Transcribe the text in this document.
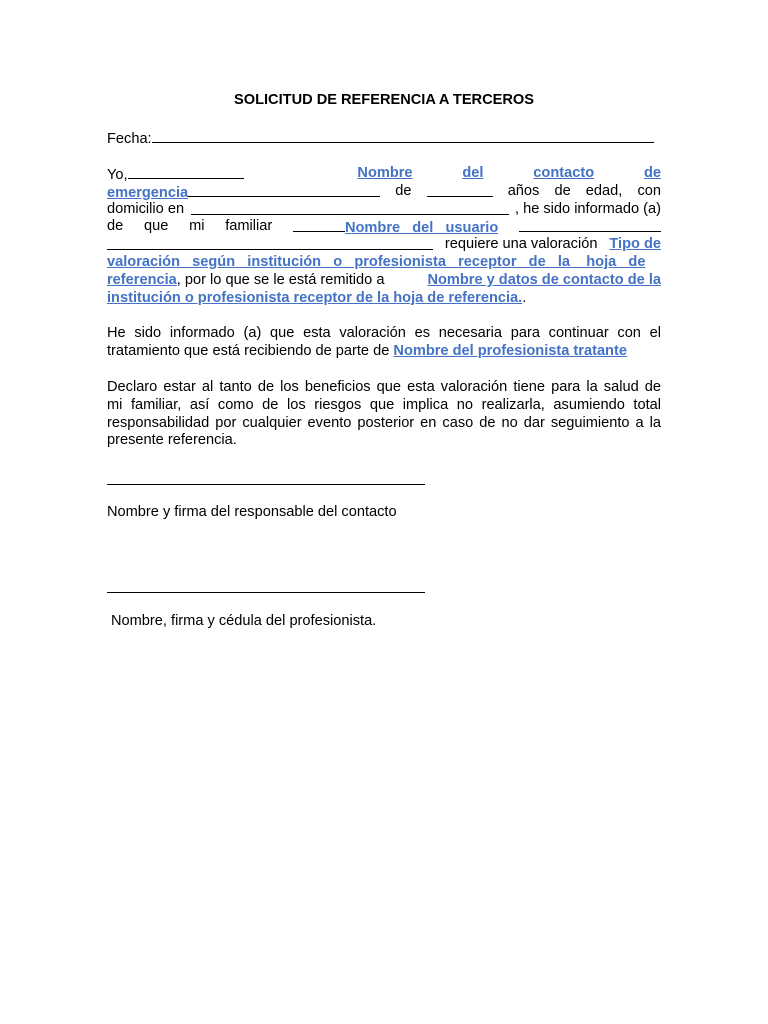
SOLICITUD DE REFERENCIA A TERCEROS
Fecha:
Yo,	Nombre	del	contacto	de
emergencia	de	años de edad, con
domicilio en	, he sido informado (a)
de que mi familiar	Nombre   del   usuario
requiere una valoración Tipo de
valoración   según   institución   o   profesionista   receptor   de   la    hoja   de
referencia, por lo que se le está remitido a	Nombre y datos de contacto de la
institución o profesionista receptor de la hoja de referencia. .
He sido informado (a) que esta valoración es necesaria para continuar con el
tratamiento que está recibiendo de parte de
Nombre del profesionista tratante
Declaro estar al tanto de los beneficios que esta valoración tiene para la salud de
mi familiar, así como de los riesgos que implica no realizarla, asumiendo total
responsabilidad por cualquier evento posterior en caso de no dar seguimiento a la
presente referencia.
Nombre y firma del responsable del contacto
Nombre, firma y cédula del profesionista.
